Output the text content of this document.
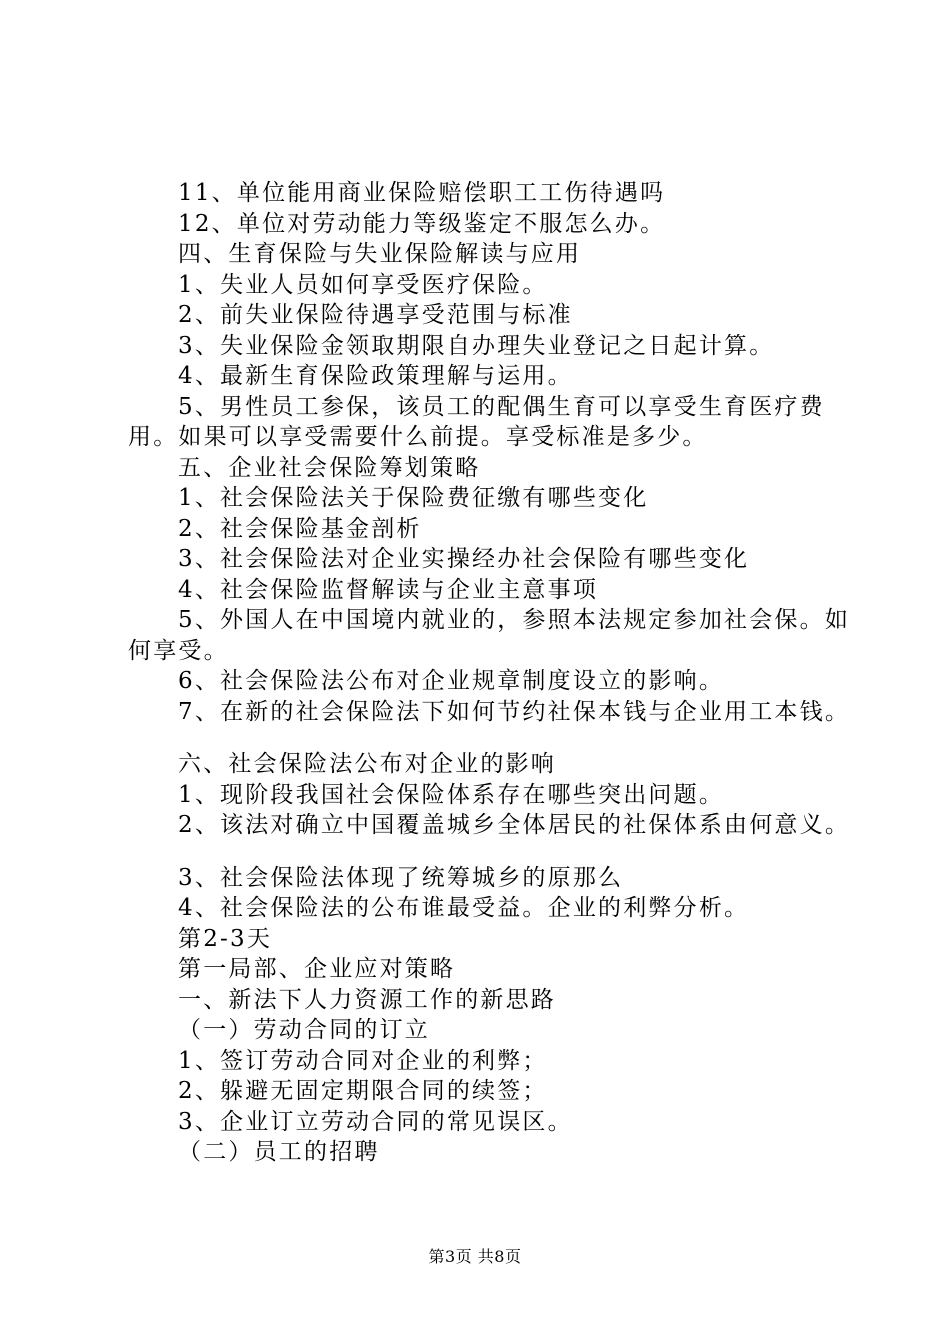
11、单位能用商业保险赔偿职工工伤待遇吗
12、单位对劳动能力等级鉴定不服怎么办。
四、生育保险与失业保险解读与应用
1、失业人员如何享受医疗保险。
2、前失业保险待遇享受范围与标准
3、失业保险金领取期限自办理失业登记之日起计算。
4、最新生育保险政策理解与运用。
5、男性员工参保，该员工的配偶生育可以享受生育医疗费用。如果可以享受需要什么前提。享受标准是多少。
五、企业社会保险筹划策略
1、社会保险法关于保险费征缴有哪些变化
2、社会保险基金剖析
3、社会保险法对企业实操经办社会保险有哪些变化
4、社会保险监督解读与企业主意事项
5、外国人在中国境内就业的，参照本法规定参加社会保。如何享受。
6、社会保险法公布对企业规章制度设立的影响。
7、在新的社会保险法下如何节约社保本钱与企业用工本钱。
六、社会保险法公布对企业的影响
1、现阶段我国社会保险体系存在哪些突出问题。
2、该法对确立中国覆盖城乡全体居民的社保体系由何意义。
3、社会保险法体现了统筹城乡的原那么
4、社会保险法的公布谁最受益。企业的利弊分析。
第2-3天
第一局部、企业应对策略
一、新法下人力资源工作的新思路
（一）劳动合同的订立
1、签订劳动合同对企业的利弊；
2、躲避无固定期限合同的续签；
3、企业订立劳动合同的常见误区。
（二）员工的招聘
第3页 共8页
